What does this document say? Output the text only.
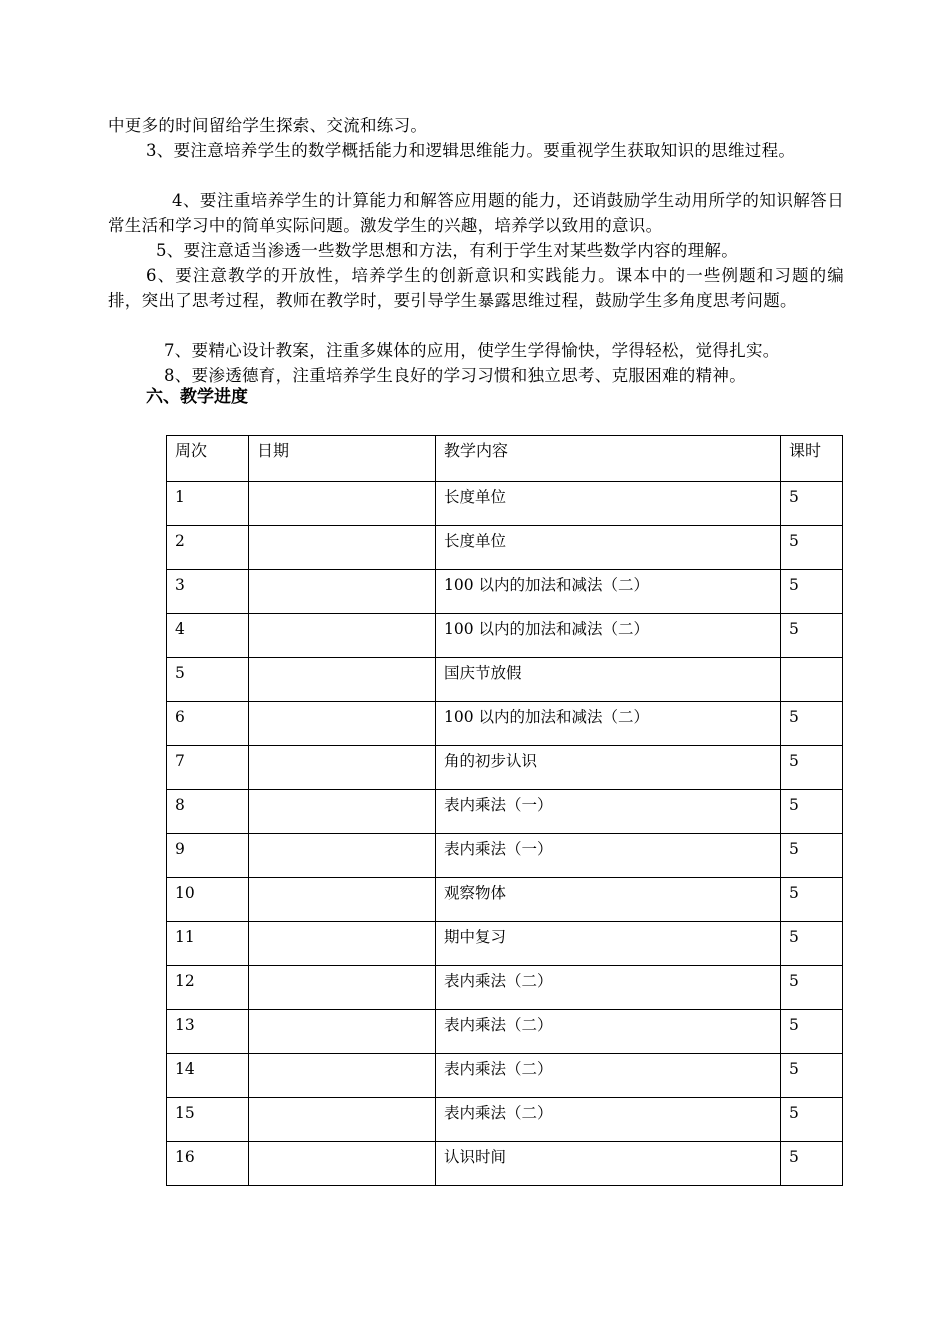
中更多的时间留给学生探索、交流和练习。
3、要注意培养学生的数学概括能力和逻辑思维能力。要重视学生获取知识的思维过程。
4、要注重培养学生的计算能力和解答应用题的能力，还诮鼓励学生动用所学的知识解答日常生活和学习中的简单实际问题。激发学生的兴趣，培养学以致用的意识。
5、要注意适当渗透一些数学思想和方法，有利于学生对某些数学内容的理解。
6、要注意教学的开放性，培养学生的创新意识和实践能力。课本中的一些例题和习题的编排，突出了思考过程，教师在教学时，要引导学生暴露思维过程，鼓励学生多角度思考问题。
7、要精心设计教案，注重多媒体的应用，使学生学得愉快，学得轻松，觉得扎实。
8、要渗透德育，注重培养学生良好的学习习惯和独立思考、克服困难的精神。
六、教学进度
周次	日期	教学内容	课时
1		长度单位	5
2		长度单位	5
3		100 以内的加法和减法（二）	5
4		100 以内的加法和减法（二）	5
5		国庆节放假	
6		100 以内的加法和减法（二）	5
7		角的初步认识	5
8		表内乘法（一）	5
9		表内乘法（一）	5
10		观察物体	5
11		期中复习	5
12		表内乘法（二）	5
13		表内乘法（二）	5
14		表内乘法（二）	5
15		表内乘法（二）	5
16		认识时间	5
